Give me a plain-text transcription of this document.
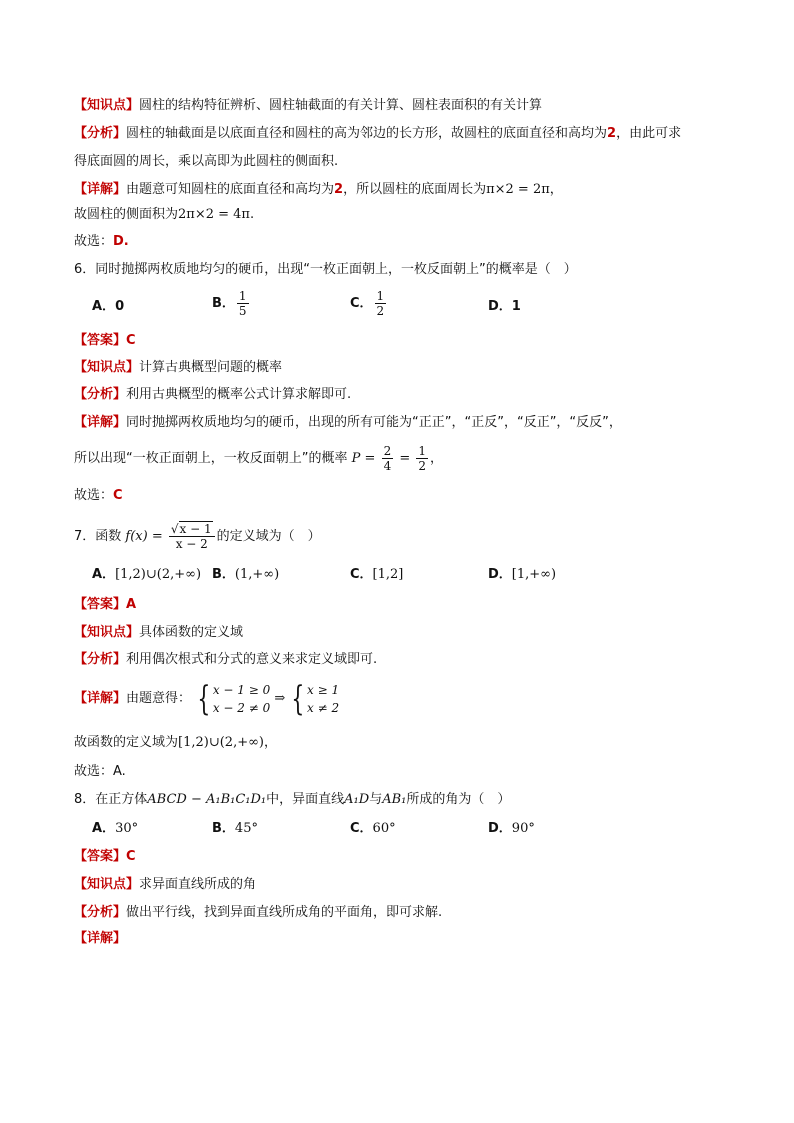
【知识点】圆柱的结构特征辨析、圆柱轴截面的有关计算、圆柱表面积的有关计算
【分析】圆柱的轴截面是以底面直径和圆柱的高为邻边的长方形，故圆柱的底面直径和高均为2，由此可求
得底面圆的周长，乘以高即为此圆柱的侧面积.
【详解】由题意可知圆柱的底面直径和高均为2，所以圆柱的底面周长为π×2 = 2π，
故圆柱的侧面积为2π×2 = 4π.
故选：D.
6．同时抛掷两枚质地均匀的硬币，出现“一枚正面朝上，一枚反面朝上”的概率是（　）
A．0	B． $\frac{1}{5}$	C． $\frac{1}{2}$	D．1
【答案】C
【知识点】计算古典概型问题的概率
【分析】利用古典概型的概率公式计算求解即可.
【详解】同时抛掷两枚质地均匀的硬币，出现的所有可能为“正正”，“正反”，“反正”，“反反”，
所以出现“一枚正面朝上，一枚反面朝上”的概率 $P = \frac{2}{4} = \frac{1}{2}$ ，
故选：C
7．函数 $f(x) = \frac{√x - 1}{x - 2}$ 的定义域为（　）
A．[1,2)∪(2,+∞) B．(1,+∞)	C．[1,2]	D．[1,+∞)
【答案】A
【知识点】具体函数的定义域
【分析】利用偶次根式和分式的意义来求定义域即可.
【详解】由题意得： { x − 1 ≥ 0
x − 2 ≠ 0
⇒ { x ≥ 1
x ≠ 2
故函数的定义域为[1,2)∪(2,+∞)，
故选：A.
8．在正方体ABCD − A₁B₁C₁D₁中，异面直线A₁D与AB₁所成的角为（　）
A．30°	B．45°	C．60°	D．90°
【答案】C
【知识点】求异面直线所成的角
【分析】做出平行线，找到异面直线所成角的平面角，即可求解.
【详解】
